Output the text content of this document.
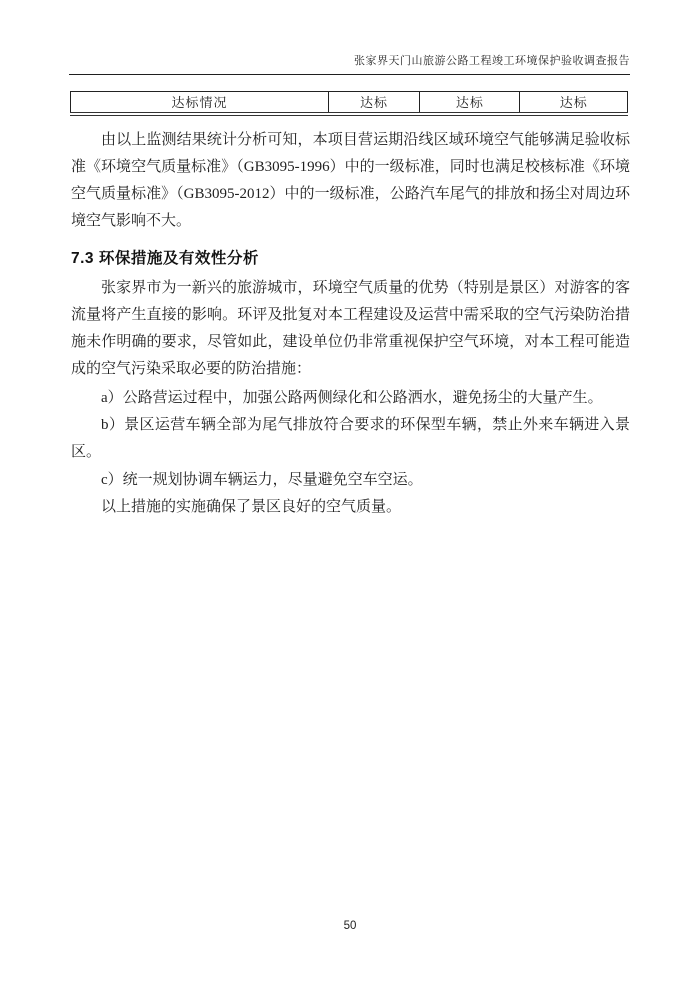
张家界天门山旅游公路工程竣工环境保护验收调查报告
达标情况	达标	达标	达标

由以上监测结果统计分析可知，本项目营运期沿线区域环境空气能够满足验收标准《环境空气质量标准》（GB3095-1996）中的一级标准，同时也满足校核标准《环境空气质量标准》（GB3095-2012）中的一级标准，公路汽车尾气的排放和扬尘对周边环境空气影响不大。

7.3 环保措施及有效性分析

张家界市为一新兴的旅游城市，环境空气质量的优势（特别是景区）对游客的客流量将产生直接的影响。环评及批复对本工程建设及运营中需采取的空气污染防治措施未作明确的要求，尽管如此，建设单位仍非常重视保护空气环境，对本工程可能造成的空气污染采取必要的防治措施：

a）公路营运过程中，加强公路两侧绿化和公路洒水，避免扬尘的大量产生。

b）景区运营车辆全部为尾气排放符合要求的环保型车辆，禁止外来车辆进入景区。

c）统一规划协调车辆运力，尽量避免空车空运。

以上措施的实施确保了景区良好的空气质量。

50
